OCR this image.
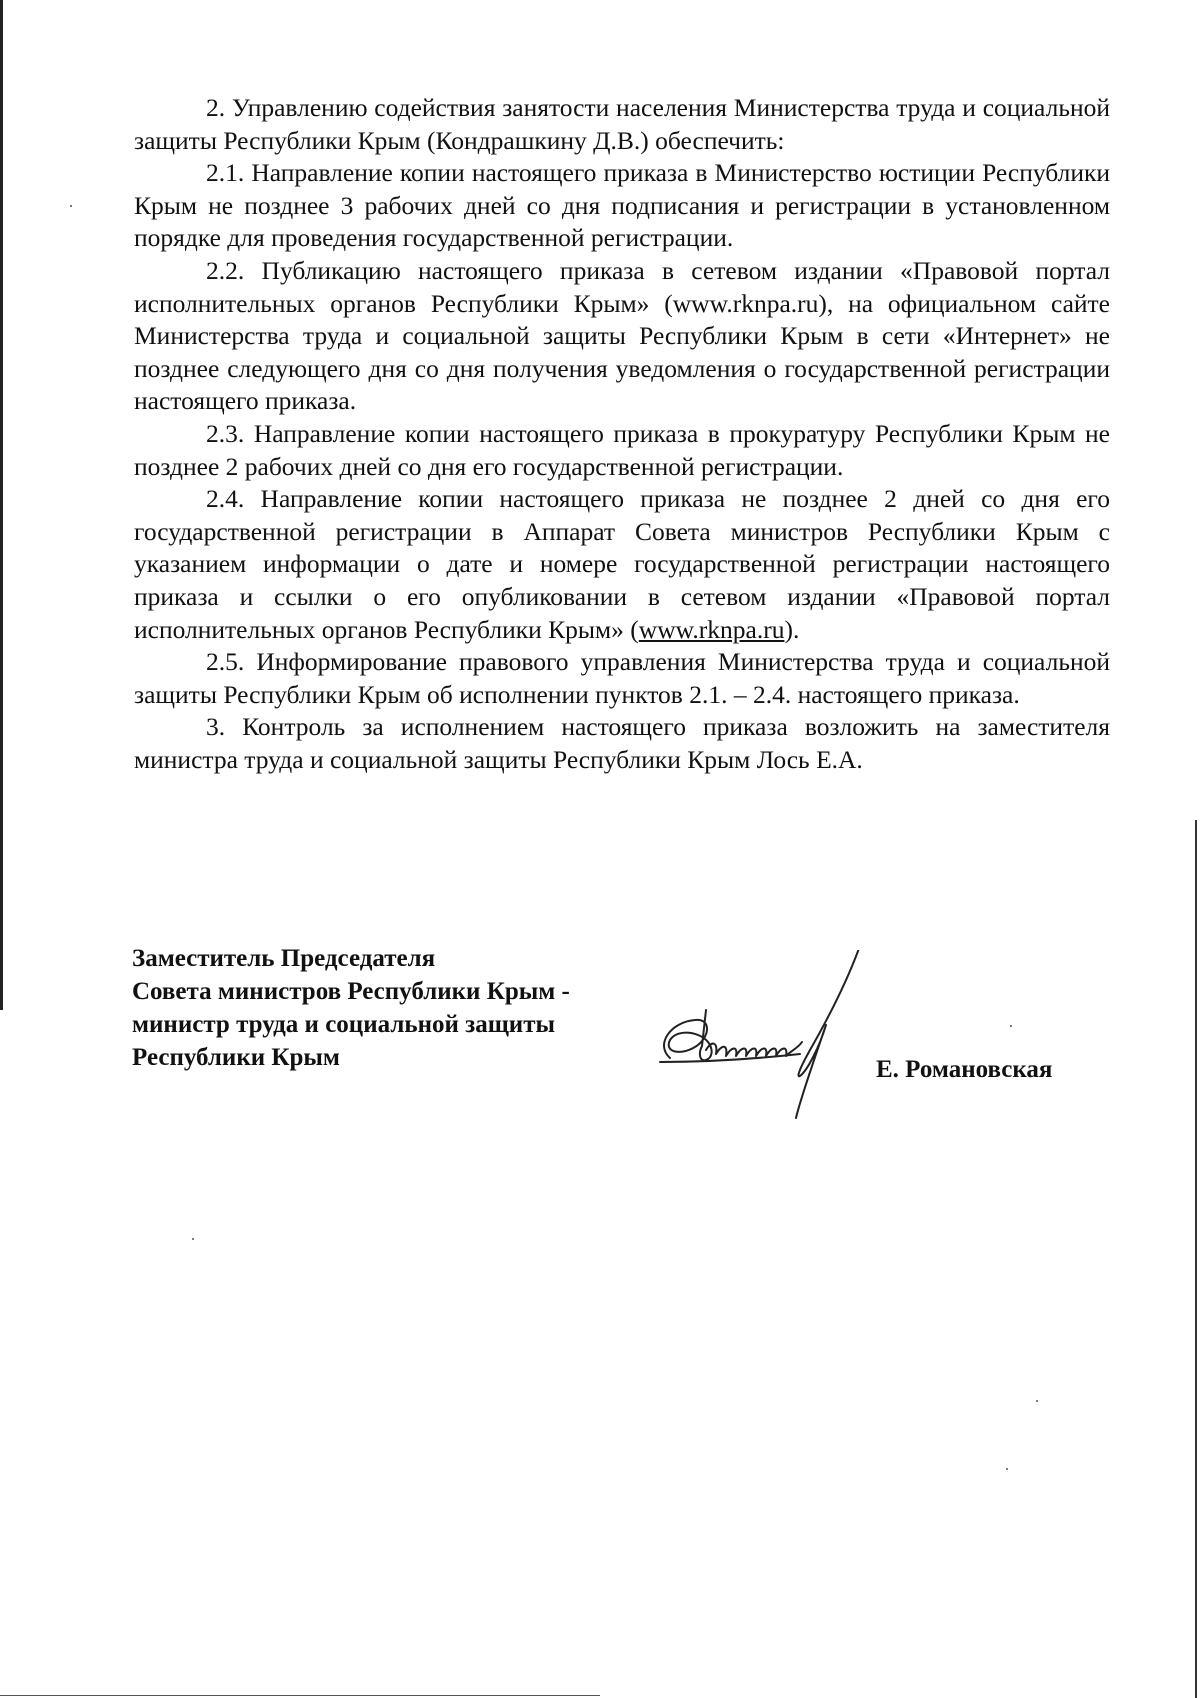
2. Управлению содействия занятости населения Министерства труда и социальной защиты Республики Крым (Кондрашкину Д.В.) обеспечить:

2.1. Направление копии настоящего приказа в Министерство юстиции Республики Крым не позднее 3 рабочих дней со дня подписания и регистрации в установленном порядке для проведения государственной регистрации.

2.2. Публикацию настоящего приказа в сетевом издании «Правовой портал исполнительных органов Республики Крым» (www.rknpa.ru), на официальном сайте Министерства труда и социальной защиты Республики Крым в сети «Интернет» не позднее следующего дня со дня получения уведомления о государственной регистрации настоящего приказа.

2.3. Направление копии настоящего приказа в прокуратуру Республики Крым не позднее 2 рабочих дней со дня его государственной регистрации.

2.4. Направление копии настоящего приказа не позднее 2 дней со дня его государственной регистрации в Аппарат Совета министров Республики Крым с указанием информации о дате и номере государственной регистрации настоящего приказа и ссылки о его опубликовании в сетевом издании «Правовой портал исполнительных органов Республики Крым» (www.rknpa.ru).

2.5. Информирование правового управления Министерства труда и социальной защиты Республики Крым об исполнении пунктов 2.1. – 2.4. настоящего приказа.

3. Контроль за исполнением настоящего приказа возложить на заместителя министра труда и социальной защиты Республики Крым Лось Е.А.

Заместитель Председателя
Совета министров Республики Крым -
министр труда и социальной защиты
Республики Крым	Е. Романовская
